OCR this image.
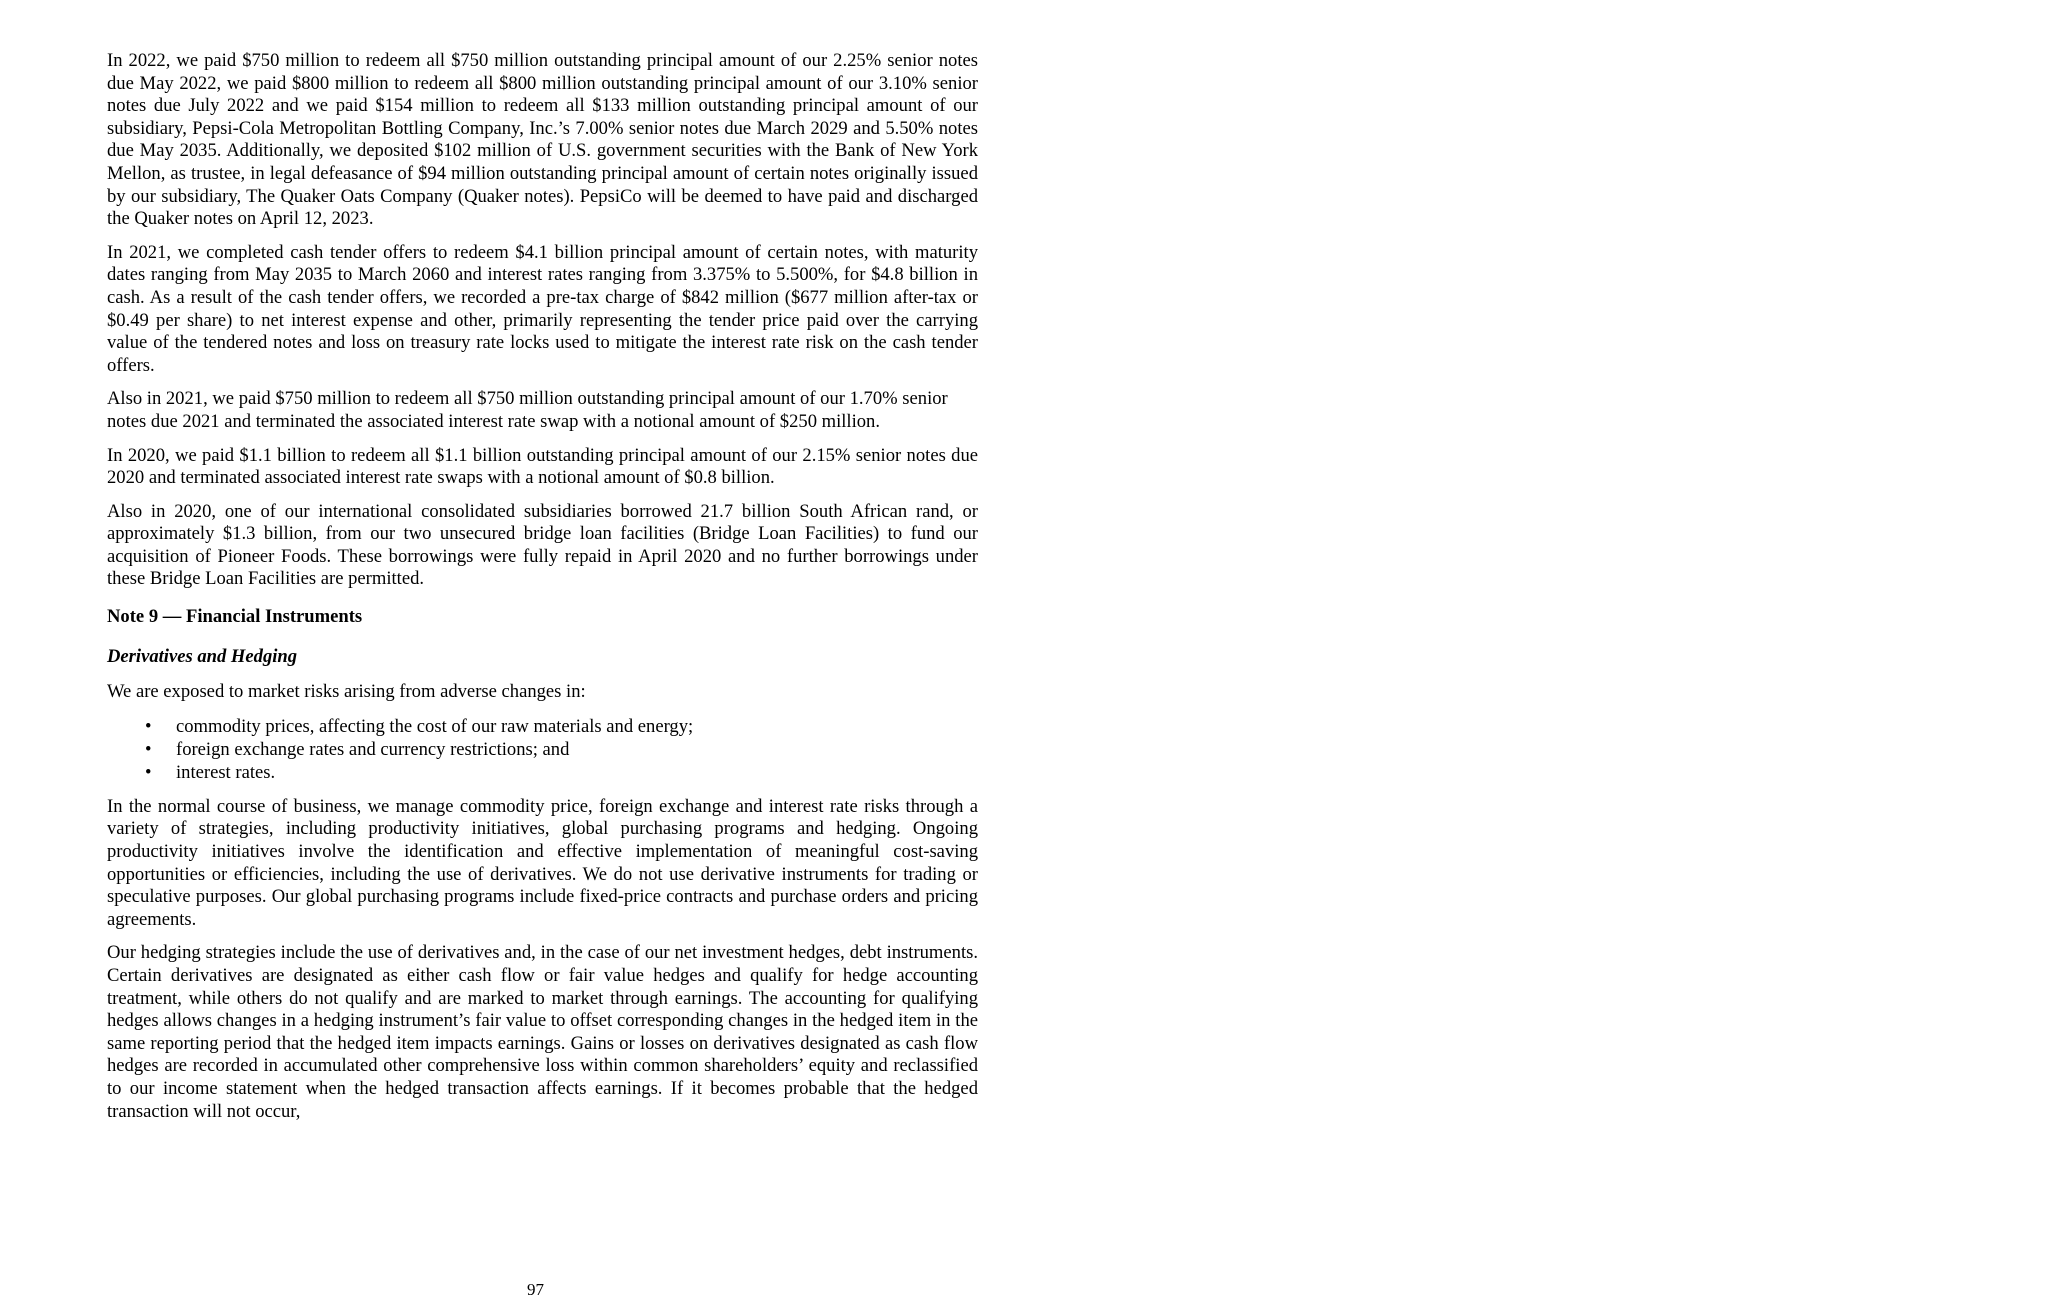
In 2022, we paid $750 million to redeem all $750 million outstanding principal amount of our 2.25% senior notes due May 2022, we paid $800 million to redeem all $800 million outstanding principal amount of our 3.10% senior notes due July 2022 and we paid $154 million to redeem all $133 million outstanding principal amount of our subsidiary, Pepsi-Cola Metropolitan Bottling Company, Inc.’s 7.00% senior notes due March 2029 and 5.50% notes due May 2035. Additionally, we deposited $102 million of U.S. government securities with the Bank of New York Mellon, as trustee, in legal defeasance of $94 million outstanding principal amount of certain notes originally issued by our subsidiary, The Quaker Oats Company (Quaker notes). PepsiCo will be deemed to have paid and discharged the Quaker notes on April 12, 2023.

In 2021, we completed cash tender offers to redeem $4.1 billion principal amount of certain notes, with maturity dates ranging from May 2035 to March 2060 and interest rates ranging from 3.375% to 5.500%, for $4.8 billion in cash. As a result of the cash tender offers, we recorded a pre-tax charge of $842 million ($677 million after-tax or $0.49 per share) to net interest expense and other, primarily representing the tender price paid over the carrying value of the tendered notes and loss on treasury rate locks used to mitigate the interest rate risk on the cash tender offers.

Also in 2021, we paid $750 million to redeem all $750 million outstanding principal amount of our 1.70% senior notes due 2021 and terminated the associated interest rate swap with a notional amount of $250 million.

In 2020, we paid $1.1 billion to redeem all $1.1 billion outstanding principal amount of our 2.15% senior notes due 2020 and terminated associated interest rate swaps with a notional amount of $0.8 billion.

Also in 2020, one of our international consolidated subsidiaries borrowed 21.7 billion South African rand, or approximately $1.3 billion, from our two unsecured bridge loan facilities (Bridge Loan Facilities) to fund our acquisition of Pioneer Foods. These borrowings were fully repaid in April 2020 and no further borrowings under these Bridge Loan Facilities are permitted.

Note 9 — Financial Instruments

Derivatives and Hedging

We are exposed to market risks arising from adverse changes in:

• commodity prices, affecting the cost of our raw materials and energy;
• foreign exchange rates and currency restrictions; and
• interest rates.

In the normal course of business, we manage commodity price, foreign exchange and interest rate risks through a variety of strategies, including productivity initiatives, global purchasing programs and hedging. Ongoing productivity initiatives involve the identification and effective implementation of meaningful cost-saving opportunities or efficiencies, including the use of derivatives. We do not use derivative instruments for trading or speculative purposes. Our global purchasing programs include fixed-price contracts and purchase orders and pricing agreements.

Our hedging strategies include the use of derivatives and, in the case of our net investment hedges, debt instruments. Certain derivatives are designated as either cash flow or fair value hedges and qualify for hedge accounting treatment, while others do not qualify and are marked to market through earnings. The accounting for qualifying hedges allows changes in a hedging instrument’s fair value to offset corresponding changes in the hedged item in the same reporting period that the hedged item impacts earnings. Gains or losses on derivatives designated as cash flow hedges are recorded in accumulated other comprehensive loss within common shareholders’ equity and reclassified to our income statement when the hedged transaction affects earnings. If it becomes probable that the hedged transaction will not occur,

97
